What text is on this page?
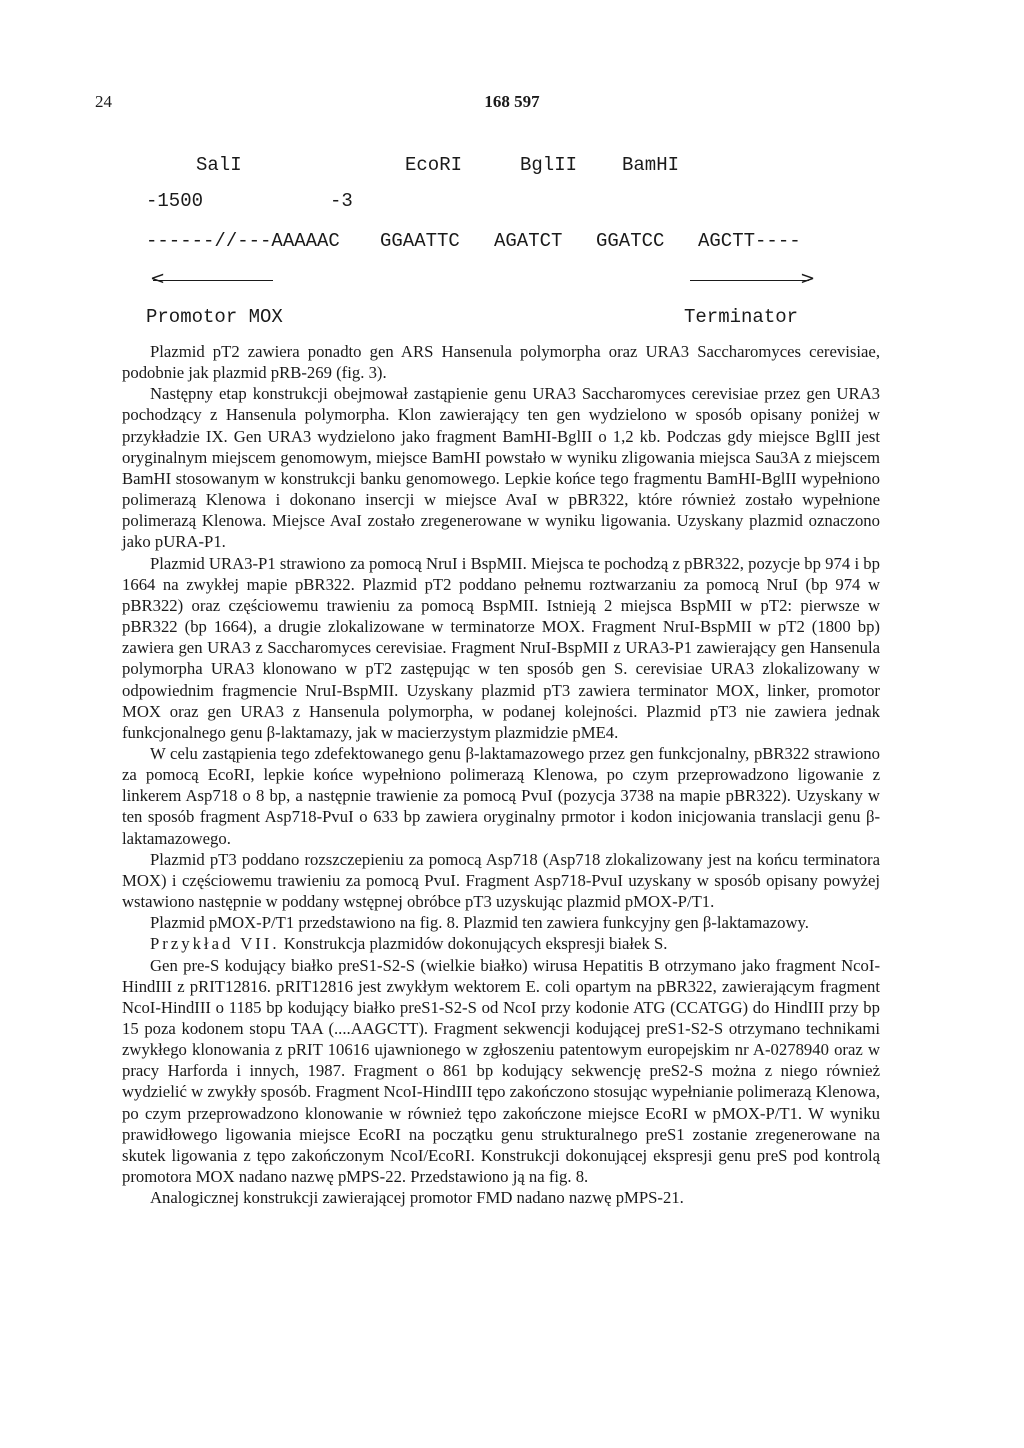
24	168 597
SalI	EcoRI	BglII BamHI
-1500	-3
------//---AAAAAC GGAATTC AGATCT GGATCC AGCTT----
<	>
Promotor MOX	Terminator

Plazmid pT2 zawiera ponadto gen ARS Hansenula polymorpha oraz URA3 Saccharomyces cerevisiae, podobnie jak plazmid pRB-269 (fig. 3).

Następny etap konstrukcji obejmował zastąpienie genu URA3 Saccharomyces cerevisiae przez gen URA3 pochodzący z Hansenula polymorpha. Klon zawierający ten gen wydzielono w sposób opisany poniżej w przykładzie IX. Gen URA3 wydzielono jako fragment BamHI-BglII o 1,2 kb. Podczas gdy miejsce BglII jest oryginalnym miejscem genomowym, miejsce BamHI powstało w wyniku zligowania miejsca Sau3A z miejscem BamHI stosowanym w konstrukcji banku genomowego. Lepkie końce tego fragmentu BamHI-BglII wypełniono polimerazą Klenowa i dokonano insercji w miejsce AvaI w pBR322, które również zostało wypełnione polimerazą Klenowa. Miejsce AvaI zostało zregenerowane w wyniku ligowania. Uzyskany plazmid oznaczono jako pURA-P1.

Plazmid URA3-P1 strawiono za pomocą NruI i BspMII. Miejsca te pochodzą z pBR322, pozycje bp 974 i bp 1664 na zwykłej mapie pBR322. Plazmid pT2 poddano pełnemu roztwarzaniu za pomocą NruI (bp 974 w pBR322) oraz częściowemu trawieniu za pomocą BspMII. Istnieją 2 miejsca BspMII w pT2: pierwsze w pBR322 (bp 1664), a drugie zlokalizowane w terminatorze MOX. Fragment NruI-BspMII w pT2 (1800 bp) zawiera gen URA3 z Saccharomyces cerevisiae. Fragment NruI-BspMII z URA3-P1 zawierający gen Hansenula polymorpha URA3 klonowano w pT2 zastępując w ten sposób gen S. cerevisiae URA3 zlokalizowany w odpowiednim fragmencie NruI-BspMII. Uzyskany plazmid pT3 zawiera terminator MOX, linker, promotor MOX oraz gen URA3 z Hansenula polymorpha, w podanej kolejności. Plazmid pT3 nie zawiera jednak funkcjonalnego genu β-laktamazy, jak w macierzystym plazmidzie pME4.

W celu zastąpienia tego zdefektowanego genu β-laktamazowego przez gen funkcjonalny, pBR322 strawiono za pomocą EcoRI, lepkie końce wypełniono polimerazą Klenowa, po czym przeprowadzono ligowanie z linkerem Asp718 o 8 bp, a następnie trawienie za pomocą PvuI (pozycja 3738 na mapie pBR322). Uzyskany w ten sposób fragment Asp718-PvuI o 633 bp zawiera oryginalny prmotor i kodon inicjowania translacji genu β-laktamazowego.

Plazmid pT3 poddano rozszczepieniu za pomocą Asp718 (Asp718 zlokalizowany jest na końcu terminatora MOX) i częściowemu trawieniu za pomocą PvuI. Fragment Asp718-PvuI uzyskany w sposób opisany powyżej wstawiono następnie w poddany wstępnej obróbce pT3 uzyskując plazmid pMOX-P/T1.

Plazmid pMOX-P/T1 przedstawiono na fig. 8. Plazmid ten zawiera funkcyjny gen β-laktamazowy.

Przykład VII. Konstrukcja plazmidów dokonujących ekspresji białek S.

Gen pre-S kodujący białko preS1-S2-S (wielkie białko) wirusa Hepatitis B otrzymano jako fragment NcoI-HindIII z pRIT12816. pRIT12816 jest zwykłym wektorem E. coli opartym na pBR322, zawierającym fragment NcoI-HindIII o 1185 bp kodujący białko preS1-S2-S od NcoI przy kodonie ATG (CCATGG) do HindIII przy bp 15 poza kodonem stopu TAA (....AAGCTT). Fragment sekwencji kodującej preS1-S2-S otrzymano technikami zwykłego klonowania z pRIT 10616 ujawnionego w zgłoszeniu patentowym europejskim nr A-0278940 oraz w pracy Harforda i innych, 1987. Fragment o 861 bp kodujący sekwencję preS2-S można z niego również wydzielić w zwykły sposób. Fragment NcoI-HindIII tępo zakończono stosując wypełnianie polimerazą Klenowa, po czym przeprowadzono klonowanie w również tępo zakończone miejsce EcoRI w pMOX-P/T1. W wyniku prawidłowego ligowania miejsce EcoRI na początku genu strukturalnego preS1 zostanie zregenerowane na skutek ligowania z tępo zakończonym NcoI/EcoRI. Konstrukcji dokonującej ekspresji genu preS pod kontrolą promotora MOX nadano nazwę pMPS-22. Przedstawiono ją na fig. 8.

Analogicznej konstrukcji zawierającej promotor FMD nadano nazwę pMPS-21.
